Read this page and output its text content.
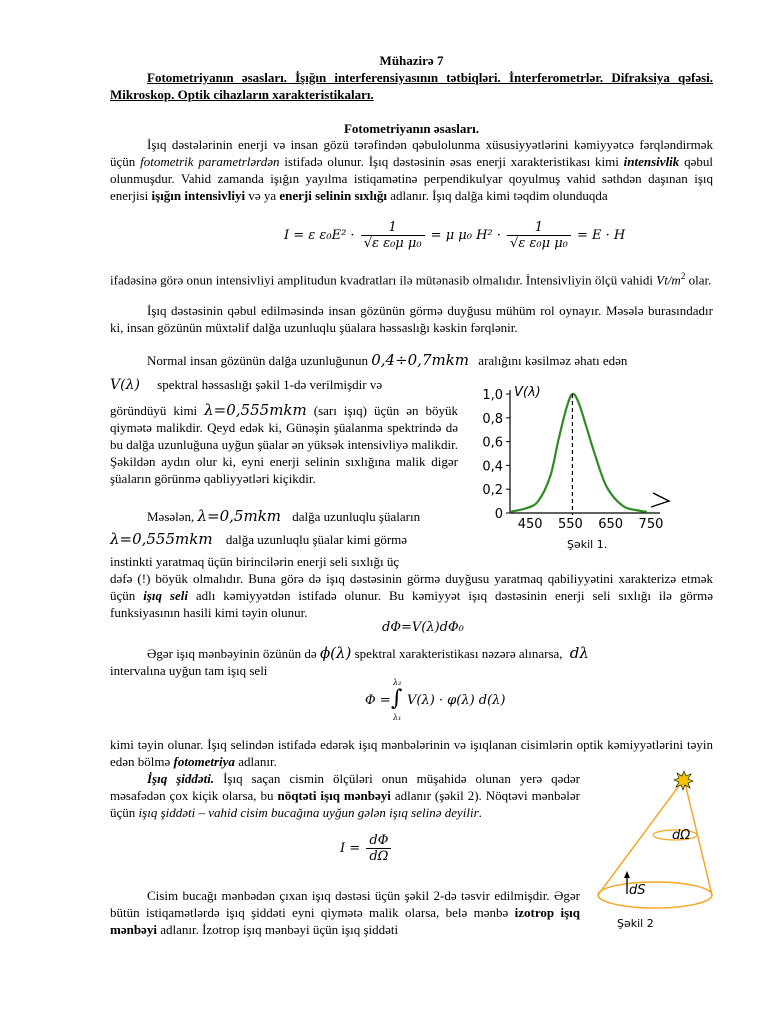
Mühazirə 7
Fotometriyanın əsasları. İşığın interferensiyasının tətbiqləri. İnterferometrlər. Difraksiya qəfəsi. Mikroskop. Optik cihazların xarakteristikaları.
Fotometriyanın əsasları.
İşıq dəstələrinin enerji və insan gözü tərəfindən qəbulolunma xüsusiyyətlərini kəmiyyətcə fərqləndirmək üçün fotometrik parametrlərdən istifadə olunur. İşıq dəstəsinin əsas enerji xarakteristikası kimi intensivlik qəbul olunmuşdur. Vahid zamanda işığın yayılma istiqamətinə perpendikulyar qoyulmuş vahid səthdən daşınan işıq enerjisi işığın intensivliyi və ya enerji selinin sıxlığı adlanır. İşıq dalğa kimi təqdim olunduqda
I = ε $\varepsilon_0E^2 \cdot \frac{1}{\text{√ε ε₀μ μ₀}} = \mu$ μ₀ $H^2 \cdot \frac{1}{\text{√ε ε₀μ μ₀}} = E \cdot H$
ifadəsinə görə onun intensivliyi amplitudun kvadratları ilə mütənasib olmalıdır. İntensivliyin ölçü vahidi $Vt/m^2$ olar.
İşıq dəstəsinin qəbul edilməsində insan gözünün görmə duyğusu mühüm rol oynayır. Məsələ burasındadır ki, insan gözünün müxtəlif dalğa uzunluqlu şüalara həssaslığı kəskin fərqlənir.
Normal insan gözünün dalğa uzunluğunun 0,4÷0,7mkm aralığını kəsilməz əhatı edən
V(λ) spektral həssaslığı şəkil 1-də verilmişdir və
göründüyü kimi λ=0,555mkm (sarı işıq) üçün ən böyük qiymətə malikdir. Qeyd edək ki, Günəşin şüalanma spektrində də bu dalğa uzunluğuna uyğun şüalar ən yüksək intensivliyə malikdir. Şəkildən aydın olur ki, eyni enerji selinin sıxlığına malik digər şüaların görünmə qabliyyətləri kiçikdir.
Məsələn, λ=0,5mkm dalğa uzunluqlu şüaların
λ=0,555mkm dalğa uzunluqlu şüalar kimi görmə
instinkti yaratmaq üçün birincilərin enerji seli sıxlığı üç
dəfə (!) böyük olmalıdır. Buna görə də işıq dəstəsinin görmə duyğusu yaratmaq qabiliyyətini xarakterizə etmək üçün işıq seli adlı kəmiyyətdən istifadə olunur. Bu kəmiyyət işıq dəstəsinin enerji seli sıxlığı ilə görmə funksiyasının hasili kimi təyin olunur.
dΦ=V(λ)dΦ₀
Əgər işıq mənbəyinin özünün də ϕ(λ) spektral xarakteristikası nəzərə alınarsa, dλ
intervalına uyğun tam işıq seli
Φ = ∫
λ₂
λ₁
V(λ) · φ(λ) d(λ)
kimi təyin olunar. İşıq selindən istifadə edərək işıq mənbələrinin və işıqlanan cisimlərin optik kəmiyyətlərini təyin edən bölmə fotometriya adlanır.
İşıq şiddəti. İşıq saçan cismin ölçüləri onun müşahidə olunan yerə qədər məsafədən çox kiçik olarsa, bu nöqtəti işıq mənbəyi adlanır (şəkil 2). Nöqtəvi mənbələr üçün işıq şiddəti – vahid cisim bucağına uyğun gələn işıq selinə deyilir.
$I = \frac{d\Phi}{d\Omega}$
Cisim bucağı mənbədən çıxan işıq dəstəsi üçün şəkil 2-də təsvir edilmişdir. Əgər bütün istiqamətlərdə işıq şiddəti eyni qiymətə malik olarsa, belə mənbə izotrop işıq mənbəyi adlanır. İzotrop işıq mənbəyi üçün işıq şiddəti
0
0,2
0,4
0,6
0,8
1,0
450 550 650 750
V(λ)
Şəkil 1.
dΩ
dS
Şəkil 2
